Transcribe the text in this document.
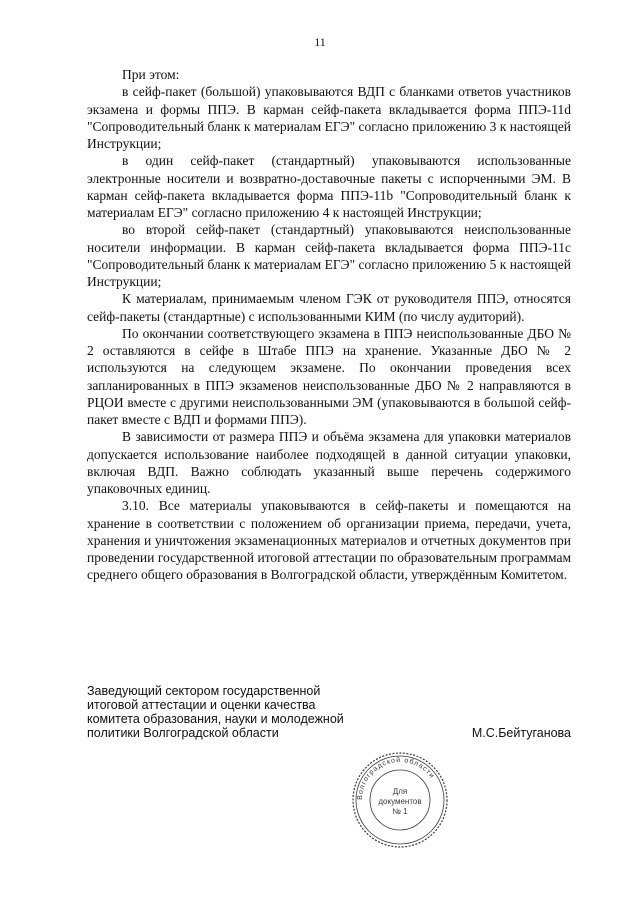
11

При этом:

в сейф-пакет (большой) упаковываются ВДП с бланками ответов участников экзамена и формы ППЭ. В карман сейф-пакета вкладывается форма ППЭ-11d "Сопроводительный бланк к материалам ЕГЭ" согласно приложению 3 к настоящей Инструкции;

в один сейф-пакет (стандартный) упаковываются использованные электронные носители и возвратно-доставочные пакеты с испорченными ЭМ. В карман сейф-пакета вкладывается форма ППЭ-11b "Сопроводительный бланк к материалам ЕГЭ" согласно приложению 4 к настоящей Инструкции;

во второй сейф-пакет (стандартный) упаковываются неиспользованные носители информации. В карман сейф-пакета вкладывается форма ППЭ-11с "Сопроводительный бланк к материалам ЕГЭ" согласно приложению 5 к настоящей Инструкции;

К материалам, принимаемым членом ГЭК от руководителя ППЭ, относятся сейф-пакеты (стандартные) с использованными КИМ (по числу аудиторий).

По окончании соответствующего экзамена в ППЭ неиспользованные ДБО № 2 оставляются в сейфе в Штабе ППЭ на хранение. Указанные ДБО № 2 используются на следующем экзамене. По окончании проведения всех запланированных в ППЭ экзаменов неиспользованные ДБО № 2 направляются в РЦОИ вместе с другими неиспользованными ЭМ (упаковываются в большой сейф-пакет вместе с ВДП и формами ППЭ).

В зависимости от размера ППЭ и объёма экзамена для упаковки материалов допускается использование наиболее подходящей в данной ситуации упаковки, включая ВДП. Важно соблюдать указанный выше перечень содержимого упаковочных единиц.

3.10. Все материалы упаковываются в сейф-пакеты и помещаются на хранение в соответствии с положением об организации приема, передачи, учета, хранения и уничтожения экзаменационных материалов и отчетных документов при проведении государственной итоговой аттестации по образовательным программам среднего общего образования в Волгоградской области, утверждённым Комитетом.

Заведующий сектором государственной
итоговой аттестации и оценки качества
комитета образования, науки и молодежной
политики Волгоградской области	М.С.Бейтуганова
Волгоградской области
Для
документов
№ 1
